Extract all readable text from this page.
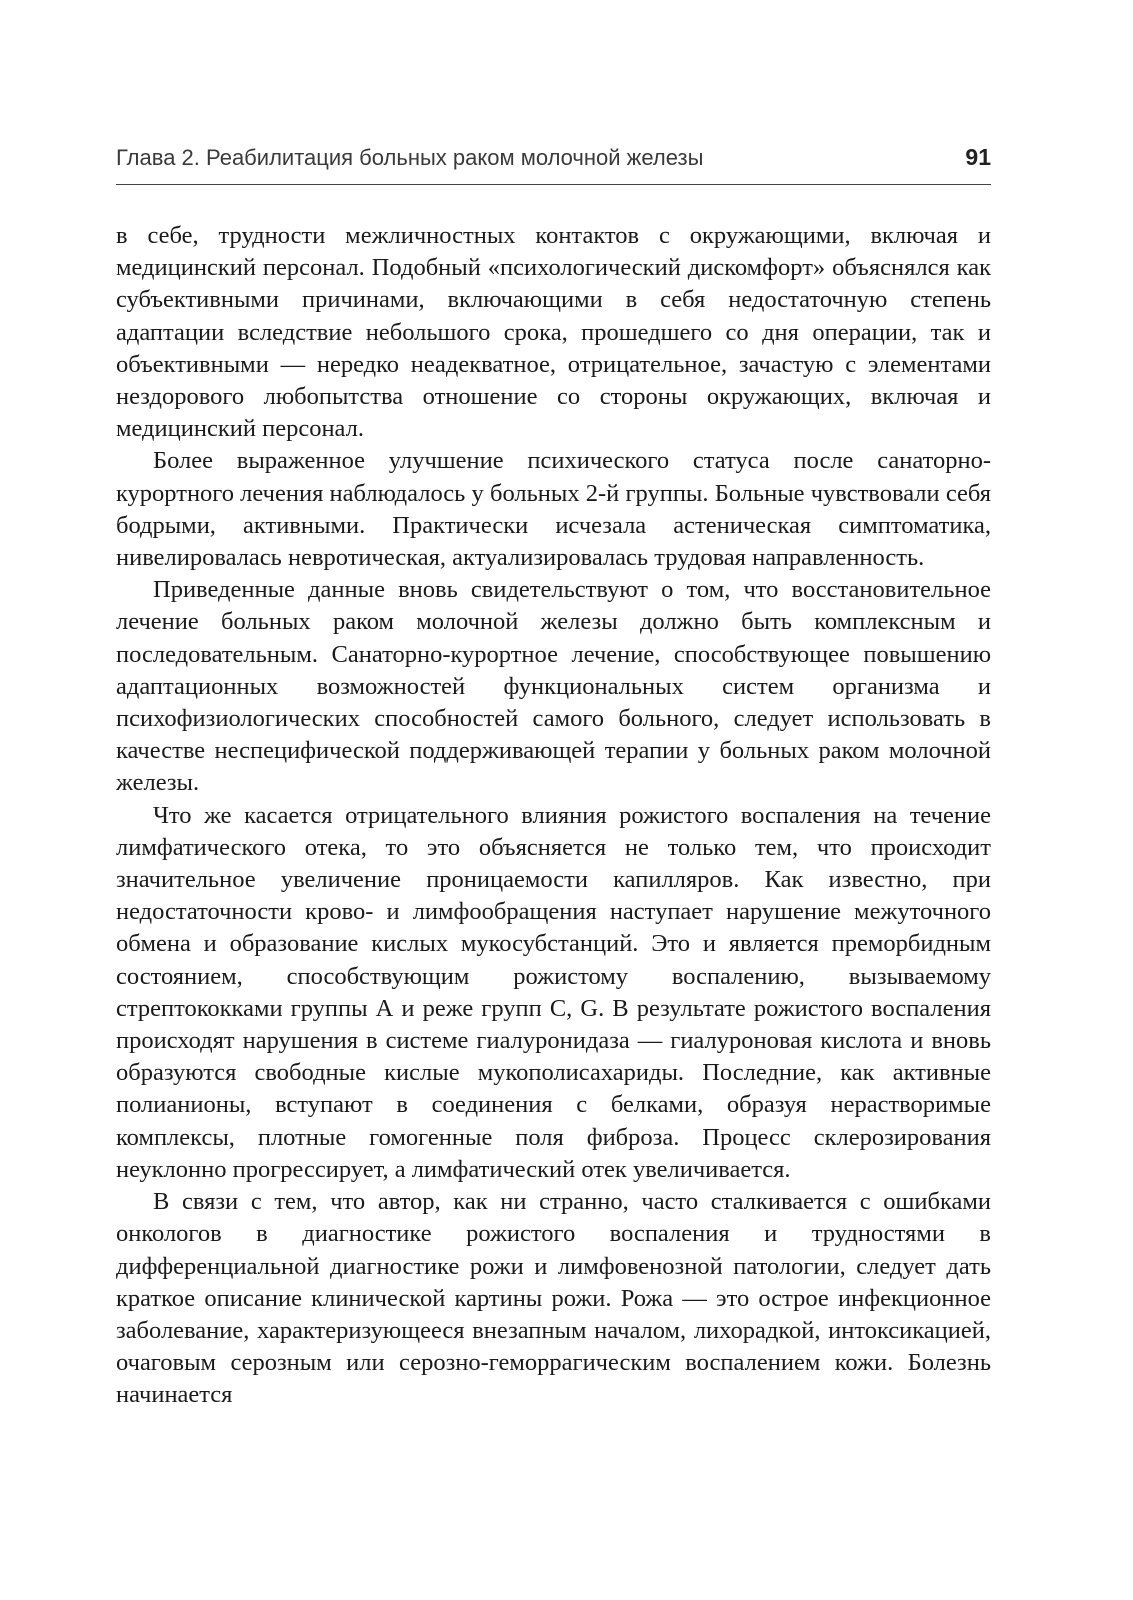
Глава 2. Реабилитация больных раком молочной железы	91

в себе, трудности межличностных контактов с окружающими, включая и медицинский персонал. Подобный «психологический дискомфорт» объяснялся как субъективными причинами, включающими в себя недостаточную степень адаптации вследствие небольшого срока, прошедшего со дня операции, так и объективными — нередко неадекватное, отрицательное, зачастую с элементами нездорового любопытства отношение со стороны окружающих, включая и медицинский персонал.

Более выраженное улучшение психического статуса после санаторно-курортного лечения наблюдалось у больных 2-й группы. Больные чувствовали себя бодрыми, активными. Практически исчезала астеническая симптоматика, нивелировалась невротическая, актуализировалась трудовая направленность.

Приведенные данные вновь свидетельствуют о том, что восстановительное лечение больных раком молочной железы должно быть комплексным и последовательным. Санаторно-курортное лечение, способствующее повышению адаптационных возможностей функциональных систем организма и психофизиологических способностей самого больного, следует использовать в качестве неспецифической поддерживающей терапии у больных раком молочной железы.

Что же касается отрицательного влияния рожистого воспаления на течение лимфатического отека, то это объясняется не только тем, что происходит значительное увеличение проницаемости капилляров. Как известно, при недостаточности крово- и лимфообращения наступает нарушение межуточного обмена и образование кислых мукосубстанций. Это и является преморбидным состоянием, способствующим рожистому воспалению, вызываемому стрептококками группы А и реже групп С, G. В результате рожистого воспаления происходят нарушения в системе гиалуронидаза — гиалуроновая кислота и вновь образуются свободные кислые мукополисахариды. Последние, как активные полианионы, вступают в соединения с белками, образуя нерастворимые комплексы, плотные гомогенные поля фиброза. Процесс склерозирования неуклонно прогрессирует, а лимфатический отек увеличивается.

В связи с тем, что автор, как ни странно, часто сталкивается с ошибками онкологов в диагностике рожистого воспаления и трудностями в дифференциальной диагностике рожи и лимфовенозной патологии, следует дать краткое описание клинической картины рожи. Рожа — это острое инфекционное заболевание, характеризующееся внезапным началом, лихорадкой, интоксикацией, очаговым серозным или серозно-геморрагическим воспалением кожи. Болезнь начинается
